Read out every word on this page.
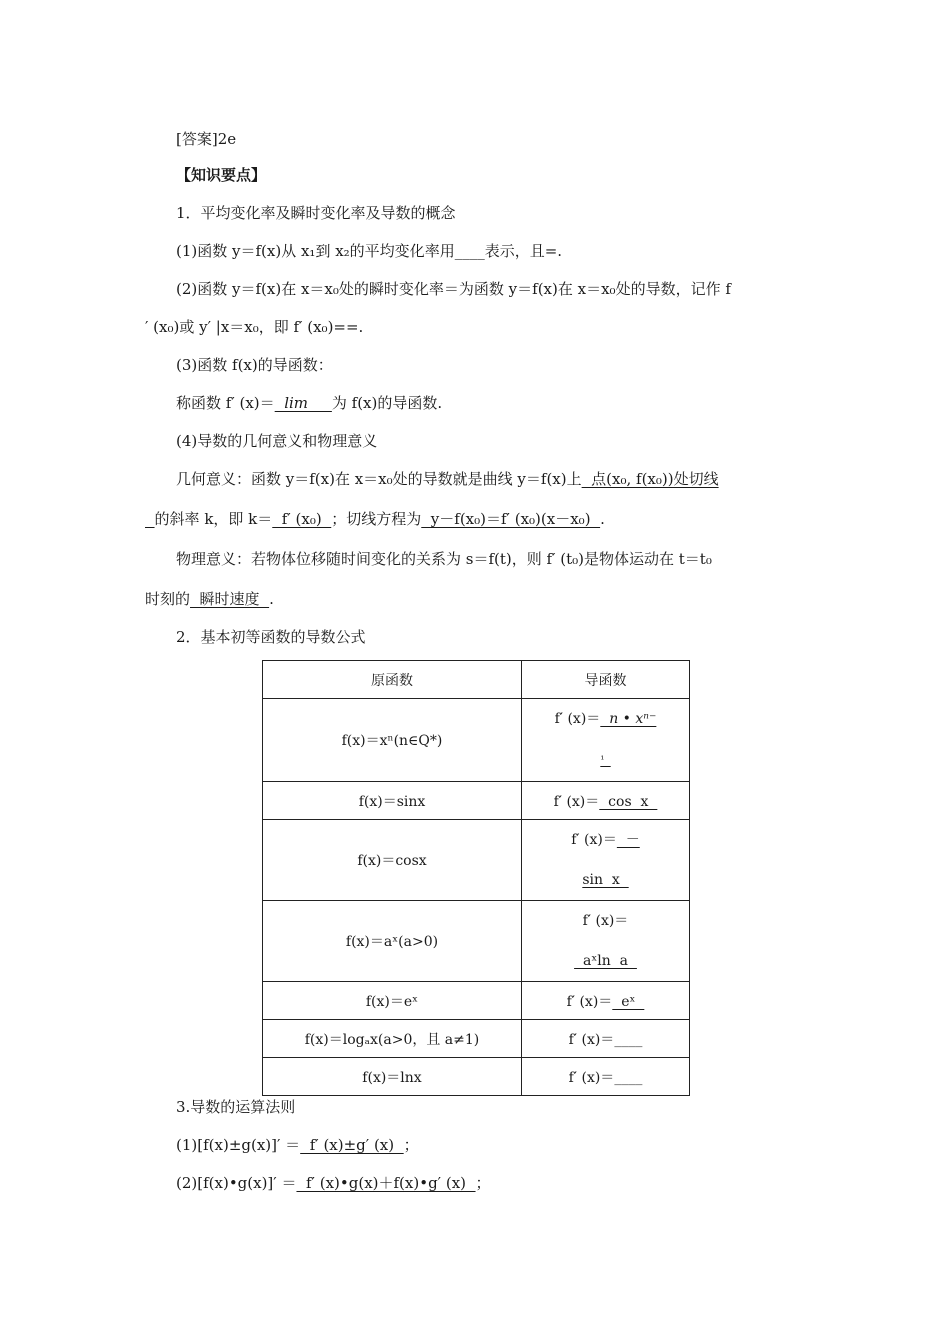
[答案]2e
【知识要点】
1．平均变化率及瞬时变化率及导数的概念
(1)函数 y＝f(x)从 x₁到 x₂的平均变化率用____表示，且=.
(2)函数 y＝f(x)在 x＝x₀处的瞬时变化率＝为函数 y＝f(x)在 x＝x₀处的导数，记作 f
′ (x₀)或 y′ |x＝x₀，即 f′ (x₀)==.
(3)函数 f(x)的导函数：
称函数 f′ (x)＝  lim     为 f(x)的导函数.
(4)导数的几何意义和物理意义
几何意义：函数 y＝f(x)在 x＝x₀处的导数就是曲线 y＝f(x)上  点(x₀, f(x₀))处切线
的斜率 k，即 k＝  f′ (x₀)  ；切线方程为  y－f(x₀)＝f′ (x₀)(x－x₀)  .
物理意义：若物体位移随时间变化的关系为 s＝f(t)，则 f′ (t₀)是物体运动在 t＝t₀
时刻的  瞬时速度  .
2．基本初等函数的导数公式
原函数	导函数
f(x)＝xⁿ(n∈Q*)	f′ (x)＝  n • xⁿ⁻
¹
f(x)＝sinx	f′ (x)＝  cos  x
f(x)＝cosx	f′ (x)＝  －
sin  x
f(x)＝aˣ(a>0)	f′ (x)＝
aˣln  a
f(x)＝eˣ	f′ (x)＝  eˣ
f(x)＝logₐx(a>0，且 a≠1)	f′ (x)＝____
f(x)＝lnx	f′ (x)＝____
3.导数的运算法则
(1)[f(x)±g(x)]′ ＝  f′ (x)±g′ (x)  ；
(2)[f(x)•g(x)]′ ＝  f′ (x)•g(x)＋f(x)•g′ (x)  ；
